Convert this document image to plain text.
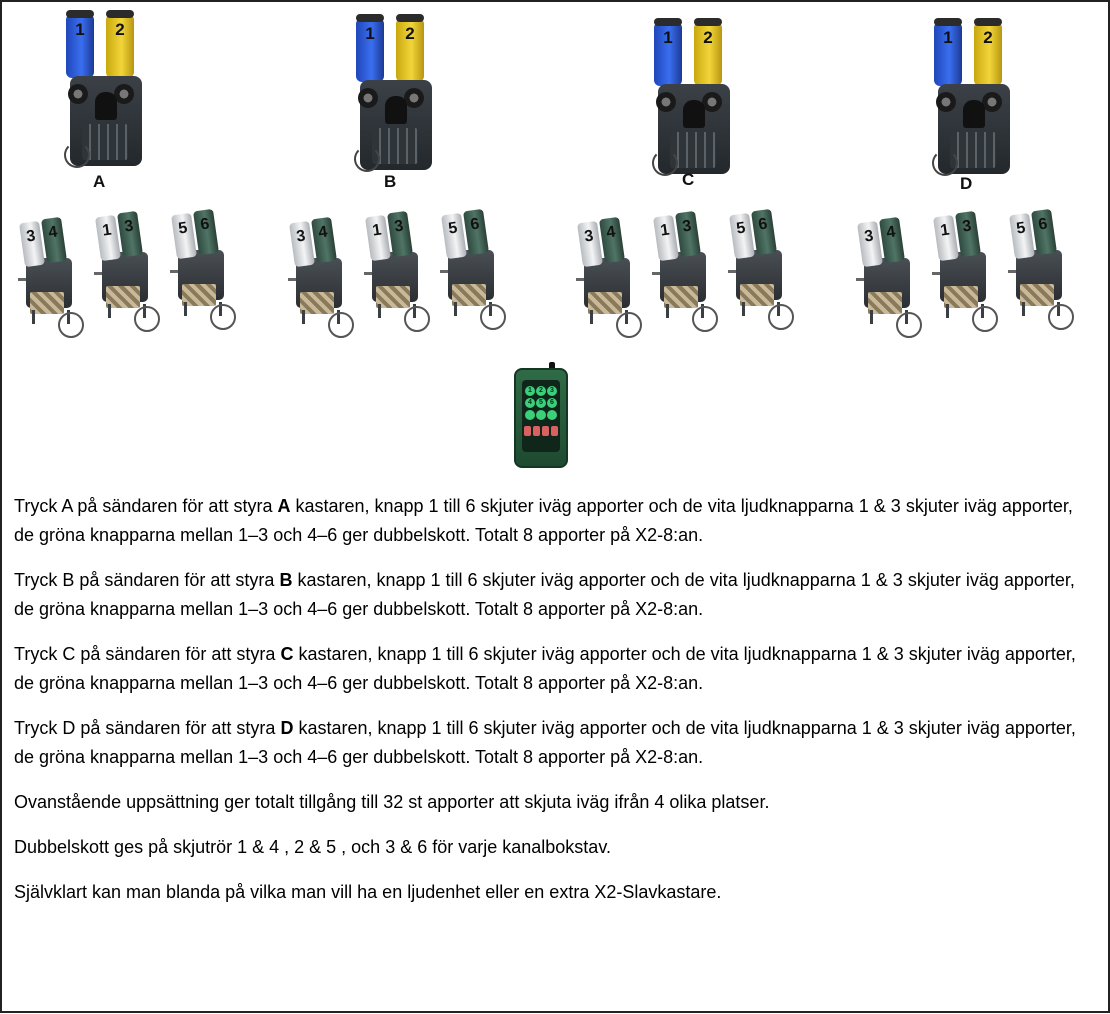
1 2
A
1 2
B
1 2
C
1 2
D
3 4	1 3	5 6
3 4	1 3	5 6
3 4	1 3	5 6
3 4	1 3	5 6
1	2	3
4	5	6

Tryck A på sändaren för att styra A kastaren, knapp 1 till 6 skjuter iväg apporter och de vita ljudknapparna 1 & 3 skjuter iväg apporter, de gröna knapparna mellan 1–3 och 4–6 ger dubbelskott. Totalt 8 apporter på X2-8:an.

Tryck B på sändaren för att styra B kastaren, knapp 1 till 6 skjuter iväg apporter och de vita ljudknapparna 1 & 3 skjuter iväg apporter, de gröna knapparna mellan 1–3 och 4–6 ger dubbelskott. Totalt 8 apporter på X2-8:an.

Tryck C på sändaren för att styra C kastaren, knapp 1 till 6 skjuter iväg apporter och de vita ljudknapparna 1 & 3 skjuter iväg apporter, de gröna knapparna mellan 1–3 och 4–6 ger dubbelskott. Totalt 8 apporter på X2-8:an.

Tryck D på sändaren för att styra D kastaren, knapp 1 till 6 skjuter iväg apporter och de vita ljudknapparna 1 & 3 skjuter iväg apporter, de gröna knapparna mellan 1–3 och 4–6 ger dubbelskott. Totalt 8 apporter på X2-8:an.

Ovanstående uppsättning ger totalt tillgång till 32 st apporter att skjuta iväg ifrån 4 olika platser.

Dubbelskott ges på skjutrör 1 & 4 , 2 & 5 , och 3 & 6 för varje kanalbokstav.

Självklart kan man blanda på vilka man vill ha en ljudenhet eller en extra X2-Slavkastare.
